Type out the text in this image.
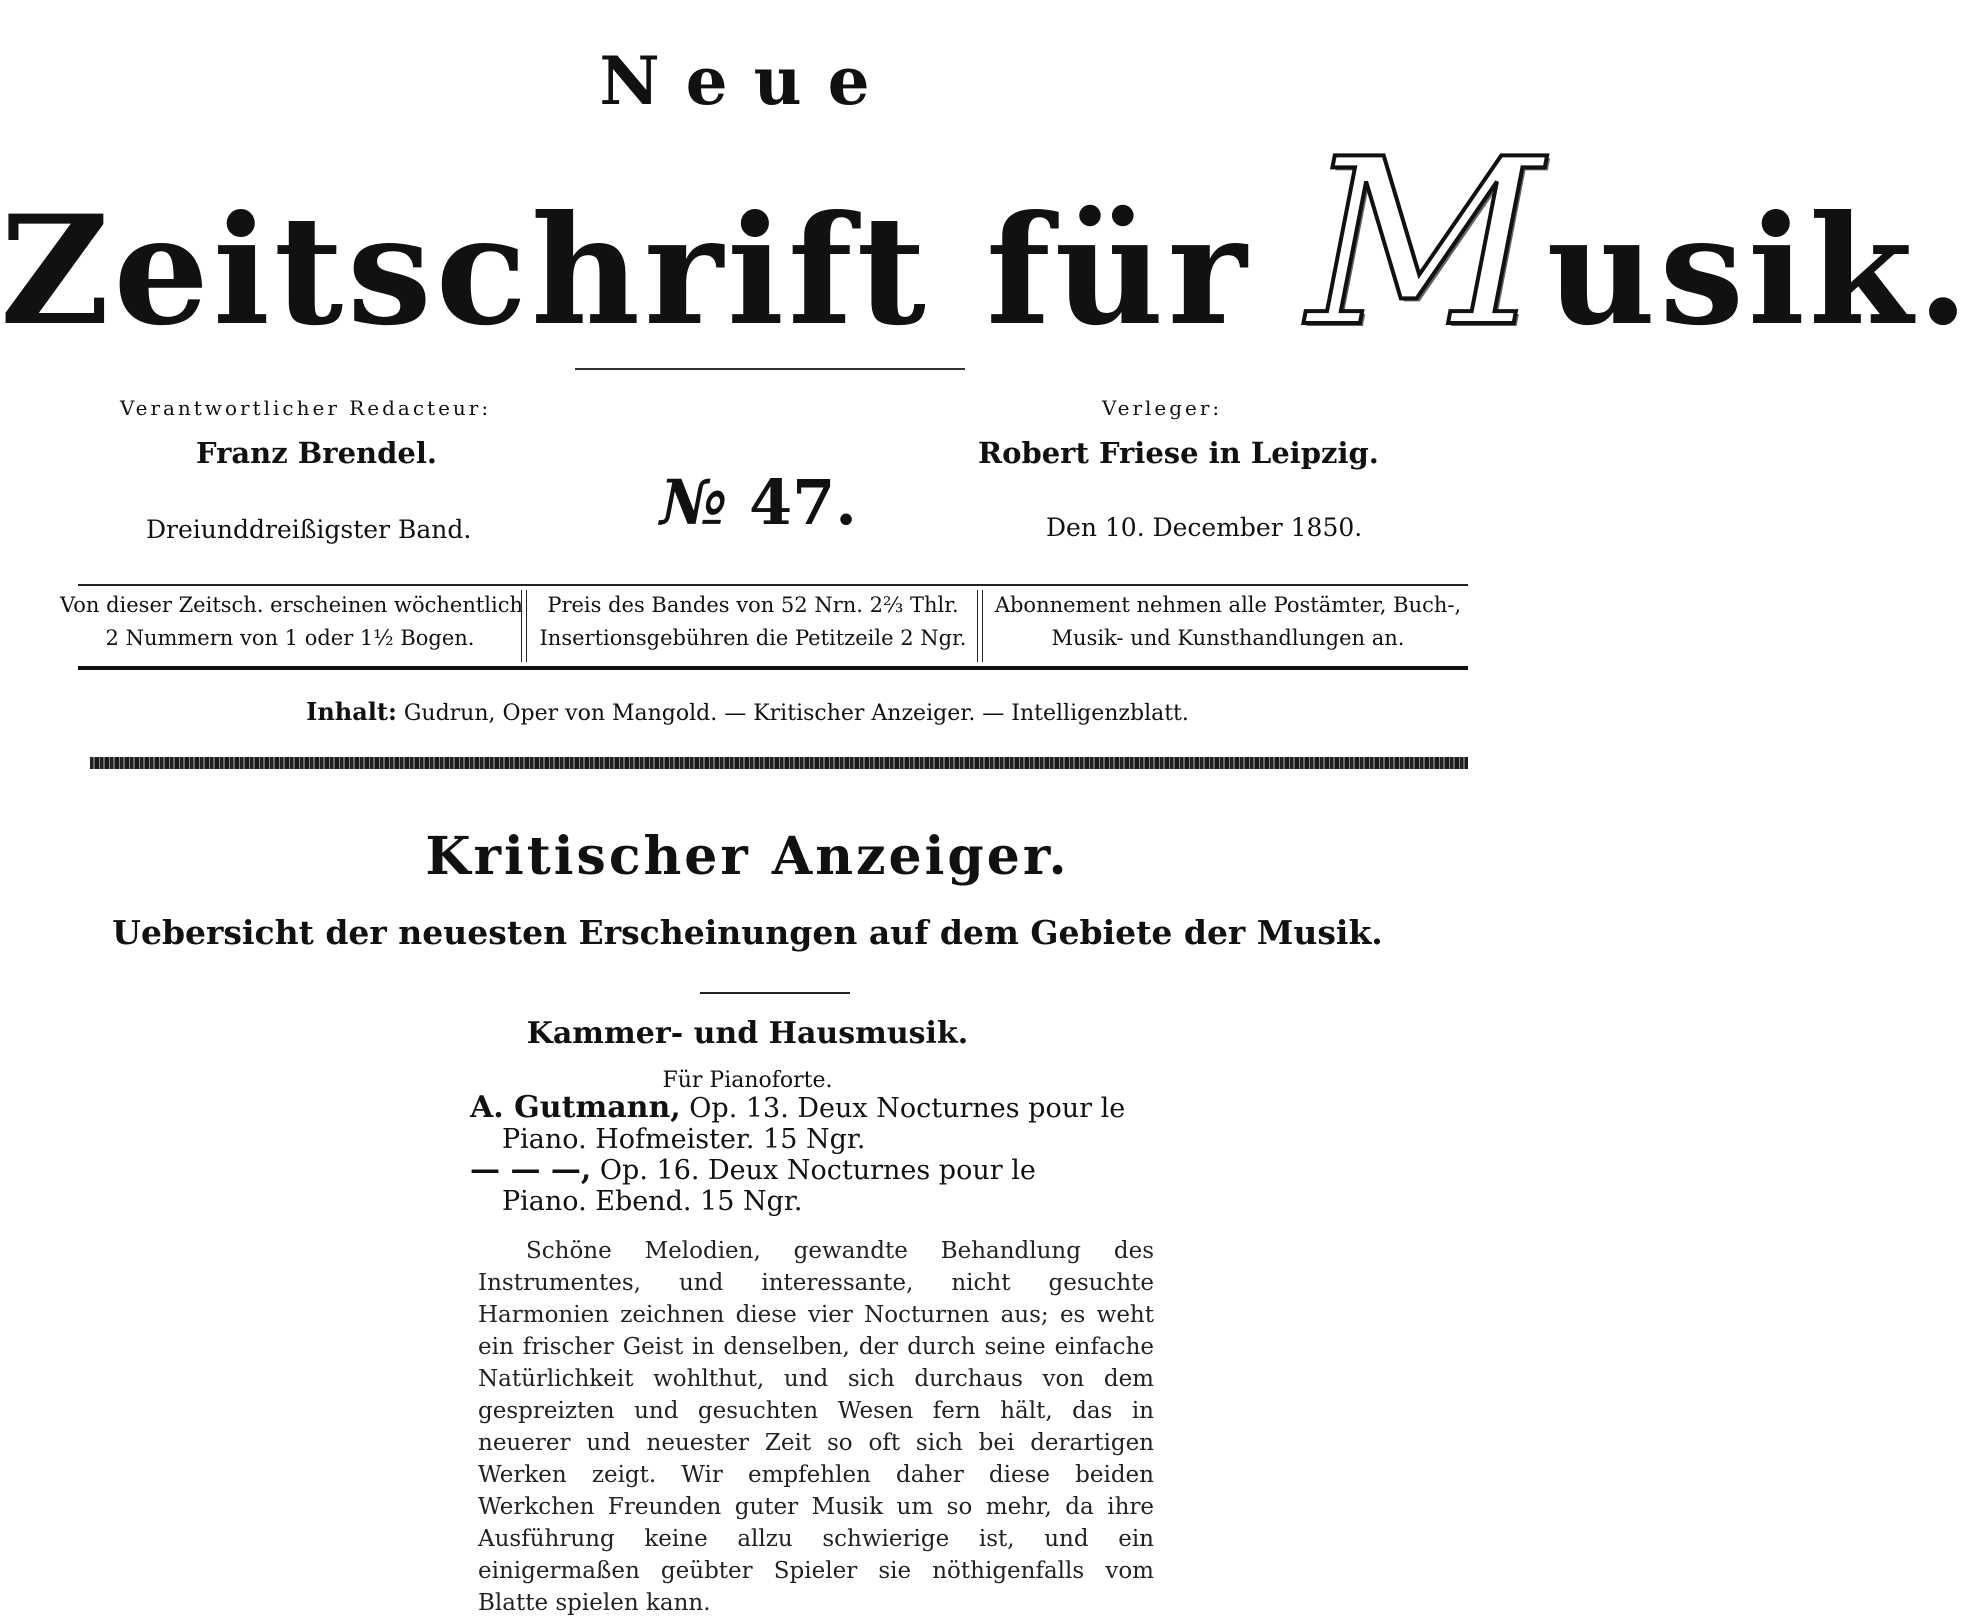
Neue
Zeitschrift für Musik.
Verantwortlicher Redacteur:
Franz Brendel.
Dreiunddreißigster Band.	№ 47.
Verleger:
Robert Friese in Leipzig.
Den 10. December 1850.
Von dieser Zeitsch. erscheinen wöchentlich
2 Nummern von 1 oder 1½ Bogen.
Preis des Bandes von 52 Nrn. 2⅔ Thlr.
Insertionsgebühren die Petitzeile 2 Ngr.
Abonnement nehmen alle Postämter, Buch-,
Musik- und Kunsthandlungen an.
Inhalt: Gudrun, Oper von Mangold. — Kritischer Anzeiger. — Intelligenzblatt.
Kritischer Anzeiger.
Uebersicht der neuesten Erscheinungen auf dem Gebiete der Musik.
Kammer- und Hausmusik.
Für Pianoforte.
A. Gutmann, Op. 13. Deux Nocturnes pour le
Piano. Hofmeister. 15 Ngr.
— — —, Op. 16. Deux Nocturnes pour le
Piano. Ebend. 15 Ngr.
Schöne Melodien, gewandte Behandlung des Instrumentes, und interessante, nicht gesuchte Harmonien zeichnen diese vier Nocturnen aus; es weht ein frischer Geist in denselben, der durch seine einfache Natürlichkeit wohlthut, und sich durchaus von dem gespreizten und gesuchten Wesen fern hält, das in neuerer und neuester Zeit so oft sich bei derartigen Werken zeigt. Wir empfehlen daher diese beiden Werkchen Freunden guter Musik um so mehr, da ihre Ausführung keine allzu schwierige ist, und ein einigermaßen geübter Spieler sie nöthigenfalls vom Blatte spielen kann.
